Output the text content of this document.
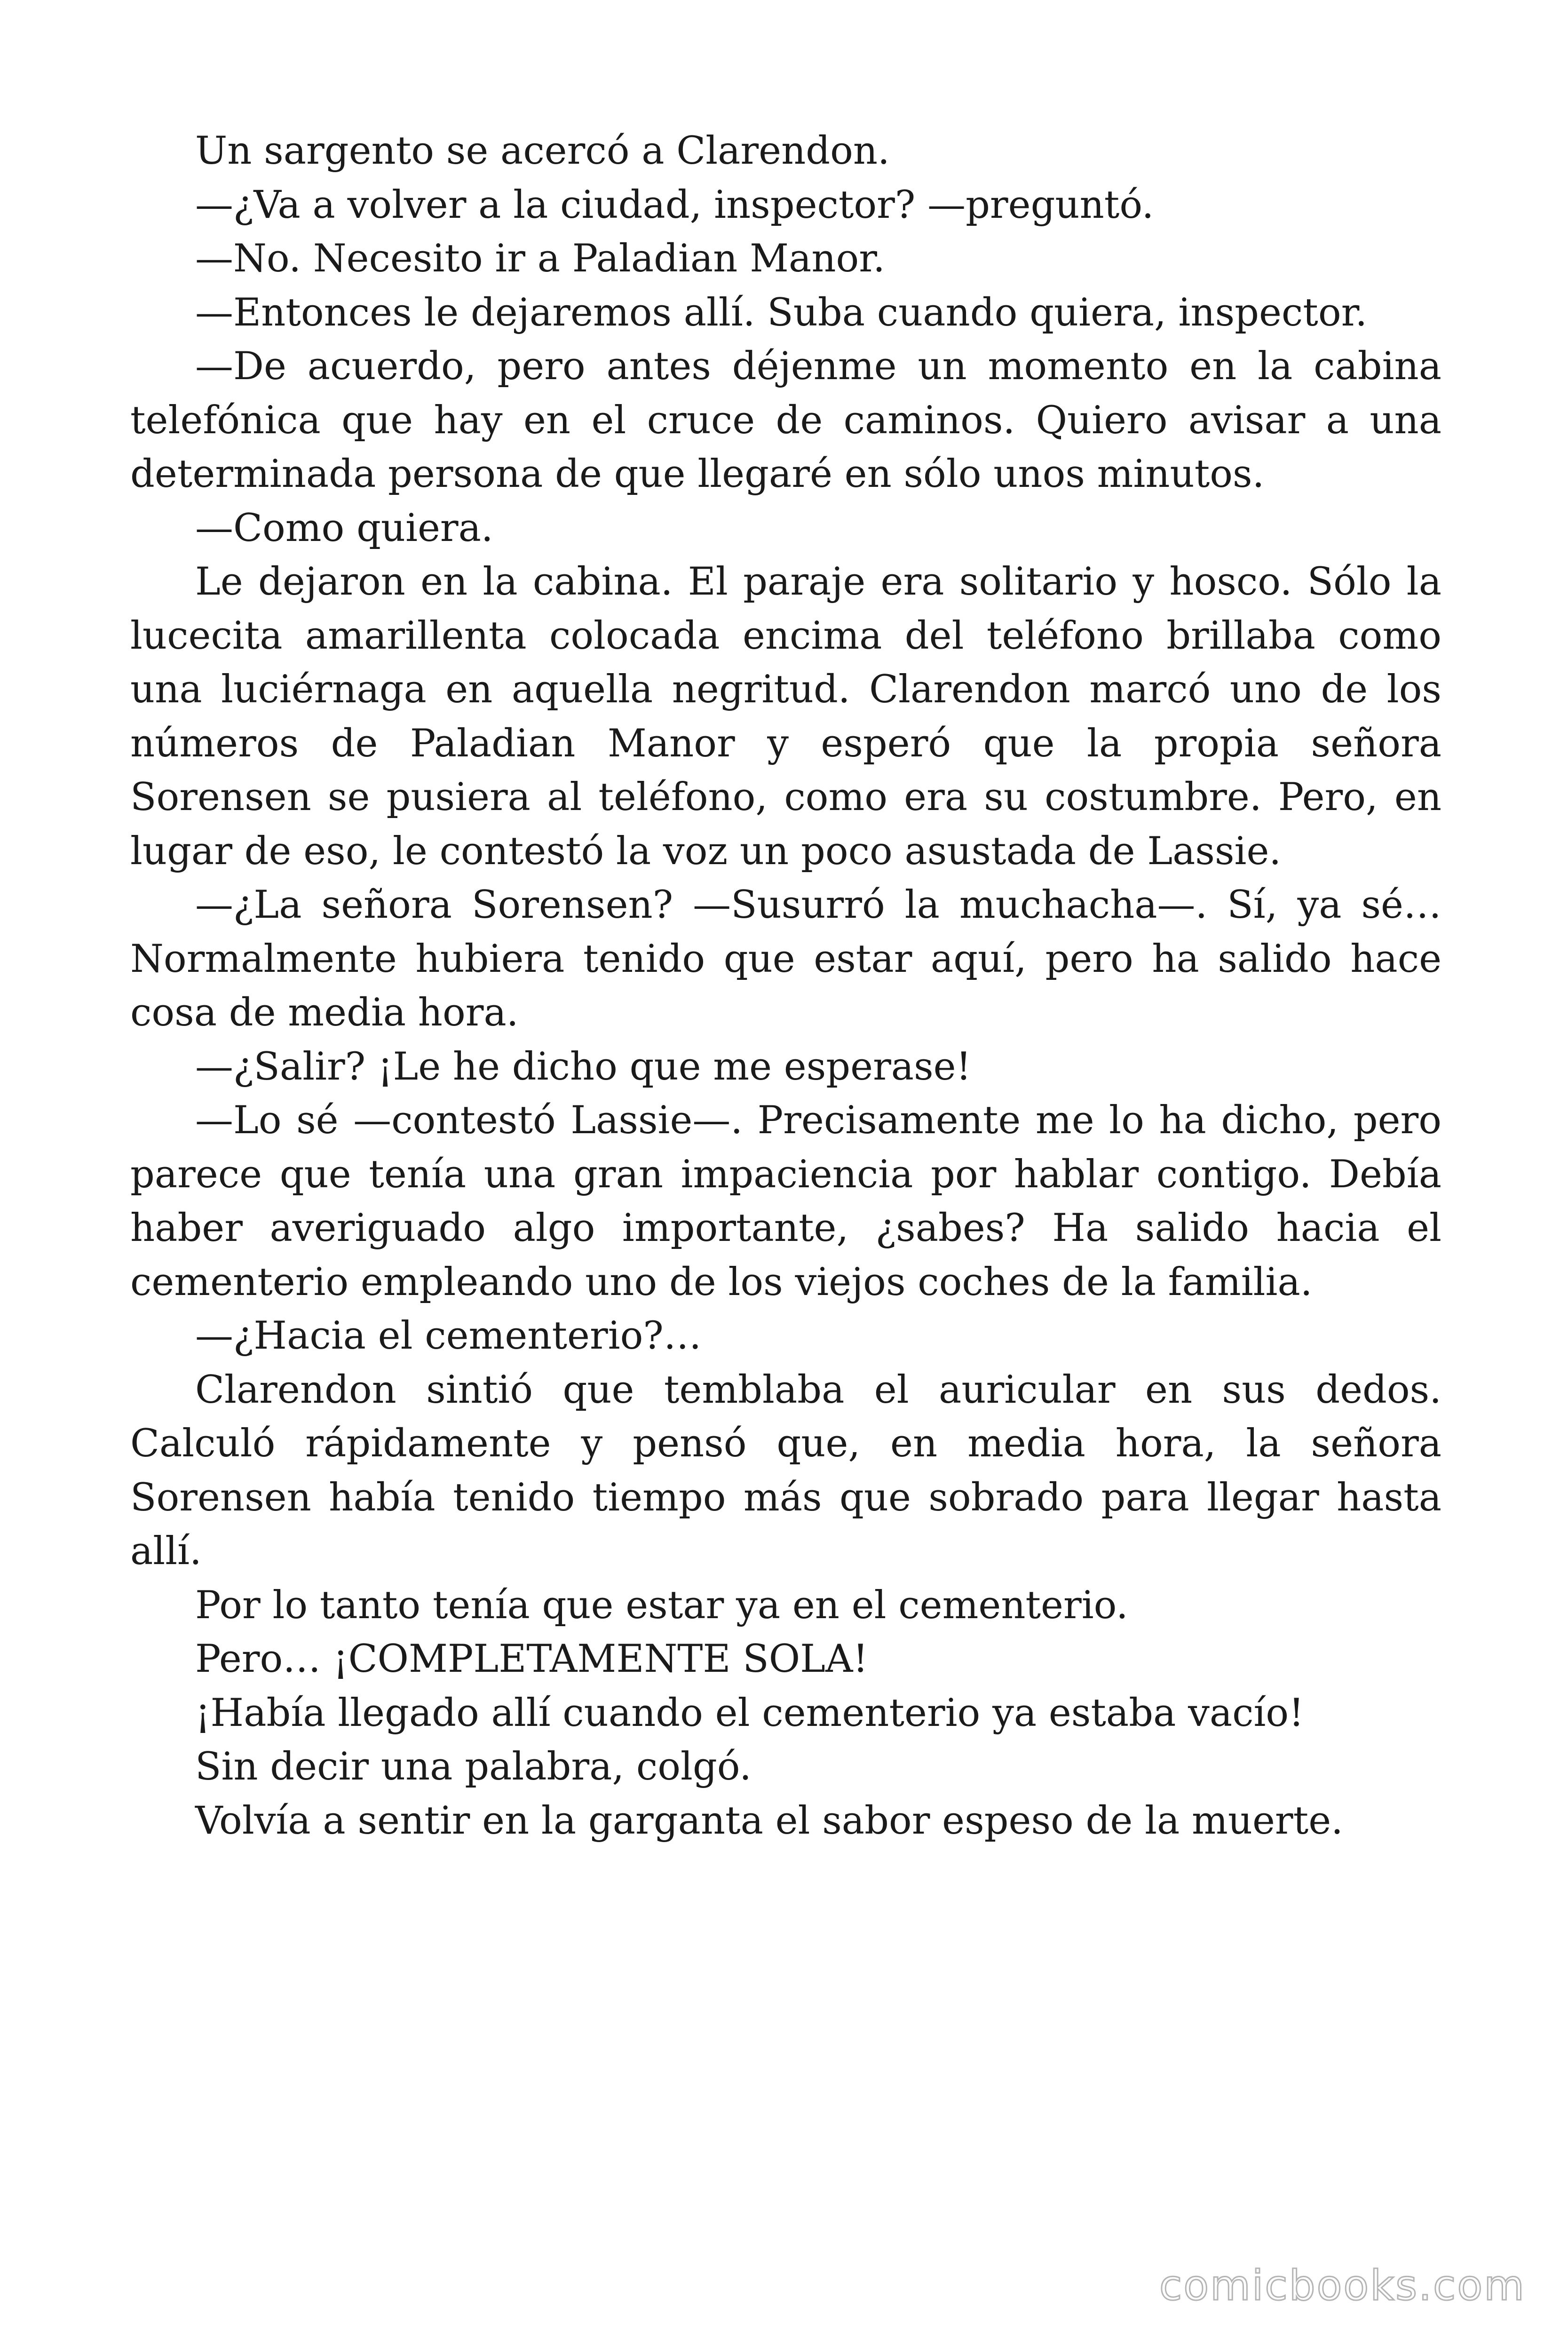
Un sargento se acercó a Clarendon.

—¿Va a volver a la ciudad, inspector? —preguntó.

—No. Necesito ir a Paladian Manor.

—Entonces le dejaremos allí. Suba cuando quiera, inspector.

—De acuerdo, pero antes déjenme un momento en la cabina telefónica que hay en el cruce de caminos. Quiero avisar a una determinada persona de que llegaré en sólo unos minutos.

—Como quiera.

Le dejaron en la cabina. El paraje era solitario y hosco. Sólo la lucecita amarillenta colocada encima del teléfono brillaba como una luciérnaga en aquella negritud. Clarendon marcó uno de los números de Paladian Manor y esperó que la propia señora Sorensen se pusiera al teléfono, como era su costumbre. Pero, en lugar de eso, le contestó la voz un poco asustada de Lassie.

—¿La señora Sorensen? —Susurró la muchacha—. Sí, ya sé… Normalmente hubiera tenido que estar aquí, pero ha salido hace cosa de media hora.

—¿Salir? ¡Le he dicho que me esperase!

—Lo sé —contestó Lassie—. Precisamente me lo ha dicho, pero parece que tenía una gran impaciencia por hablar contigo. Debía haber averiguado algo importante, ¿sabes? Ha salido hacia el cementerio empleando uno de los viejos coches de la familia.

—¿Hacia el cementerio?…

Clarendon sintió que temblaba el auricular en sus dedos. Calculó rápidamente y pensó que, en media hora, la señora Sorensen había tenido tiempo más que sobrado para llegar hasta allí.

Por lo tanto tenía que estar ya en el cementerio.

Pero… ¡COMPLETAMENTE SOLA!

¡Había llegado allí cuando el cementerio ya estaba vacío!

Sin decir una palabra, colgó.

Volvía a sentir en la garganta el sabor espeso de la muerte.

comicbooks.com
